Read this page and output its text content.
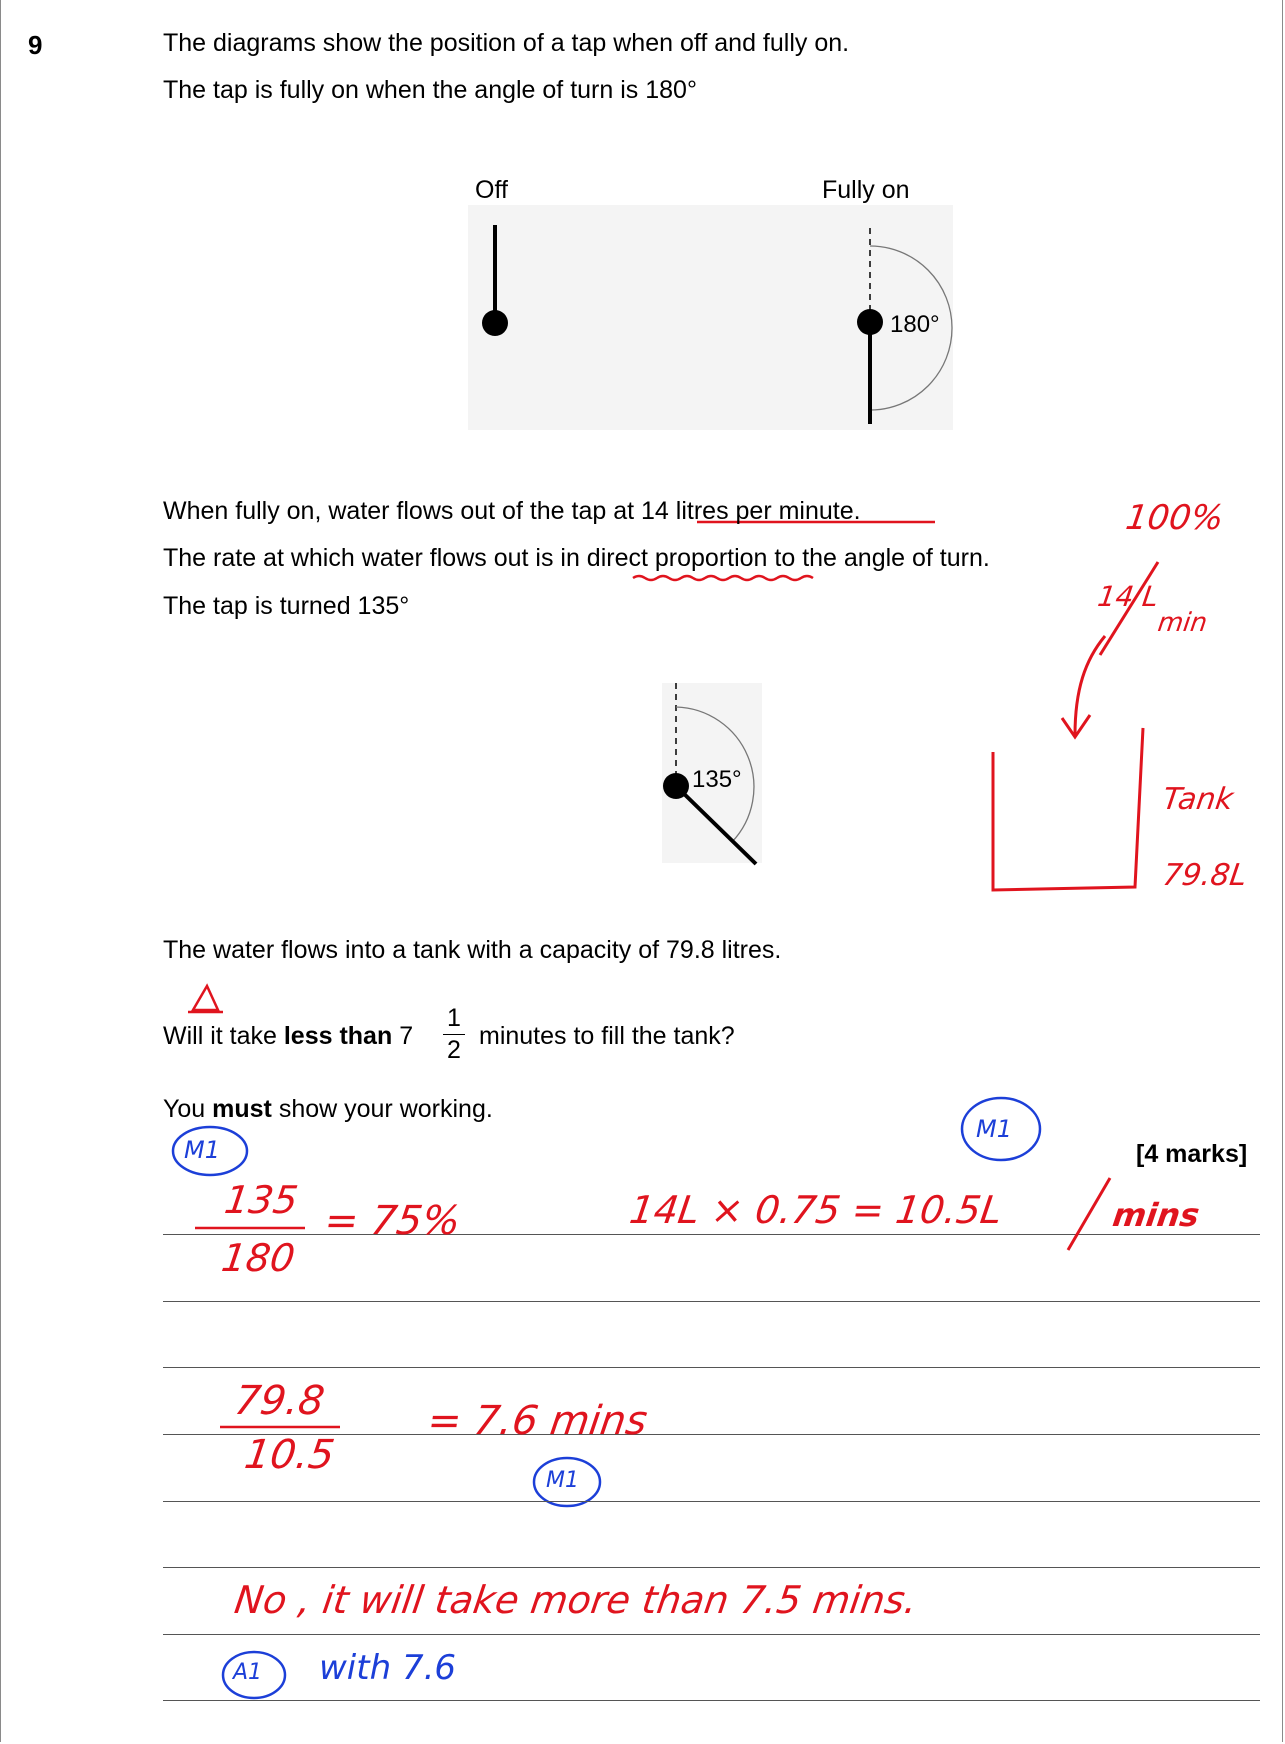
9	The diagrams show the position of a tap when off and fully on.
The tap is fully on when the angle of turn is 180°
Off	Fully on
180°
135°
When fully on, water flows out of the tap at 14 litres per minute.
The rate at which water flows out is in direct proportion to the angle of turn.
The tap is turned 135°
The water flows into a tank with a capacity of 79.8 litres.
Will it take less than 7
1
2 minutes to fill the tank?
You must show your working.
[4 marks]
100%
14 L
min
Tank
79.8L
135
180
= 75%	14L × 0.75 = 10.5L	mins
79.8
10.5
= 7.6 mins
No , it will take more than 7.5 mins.
with 7.6
M1
M1
M1
A1
